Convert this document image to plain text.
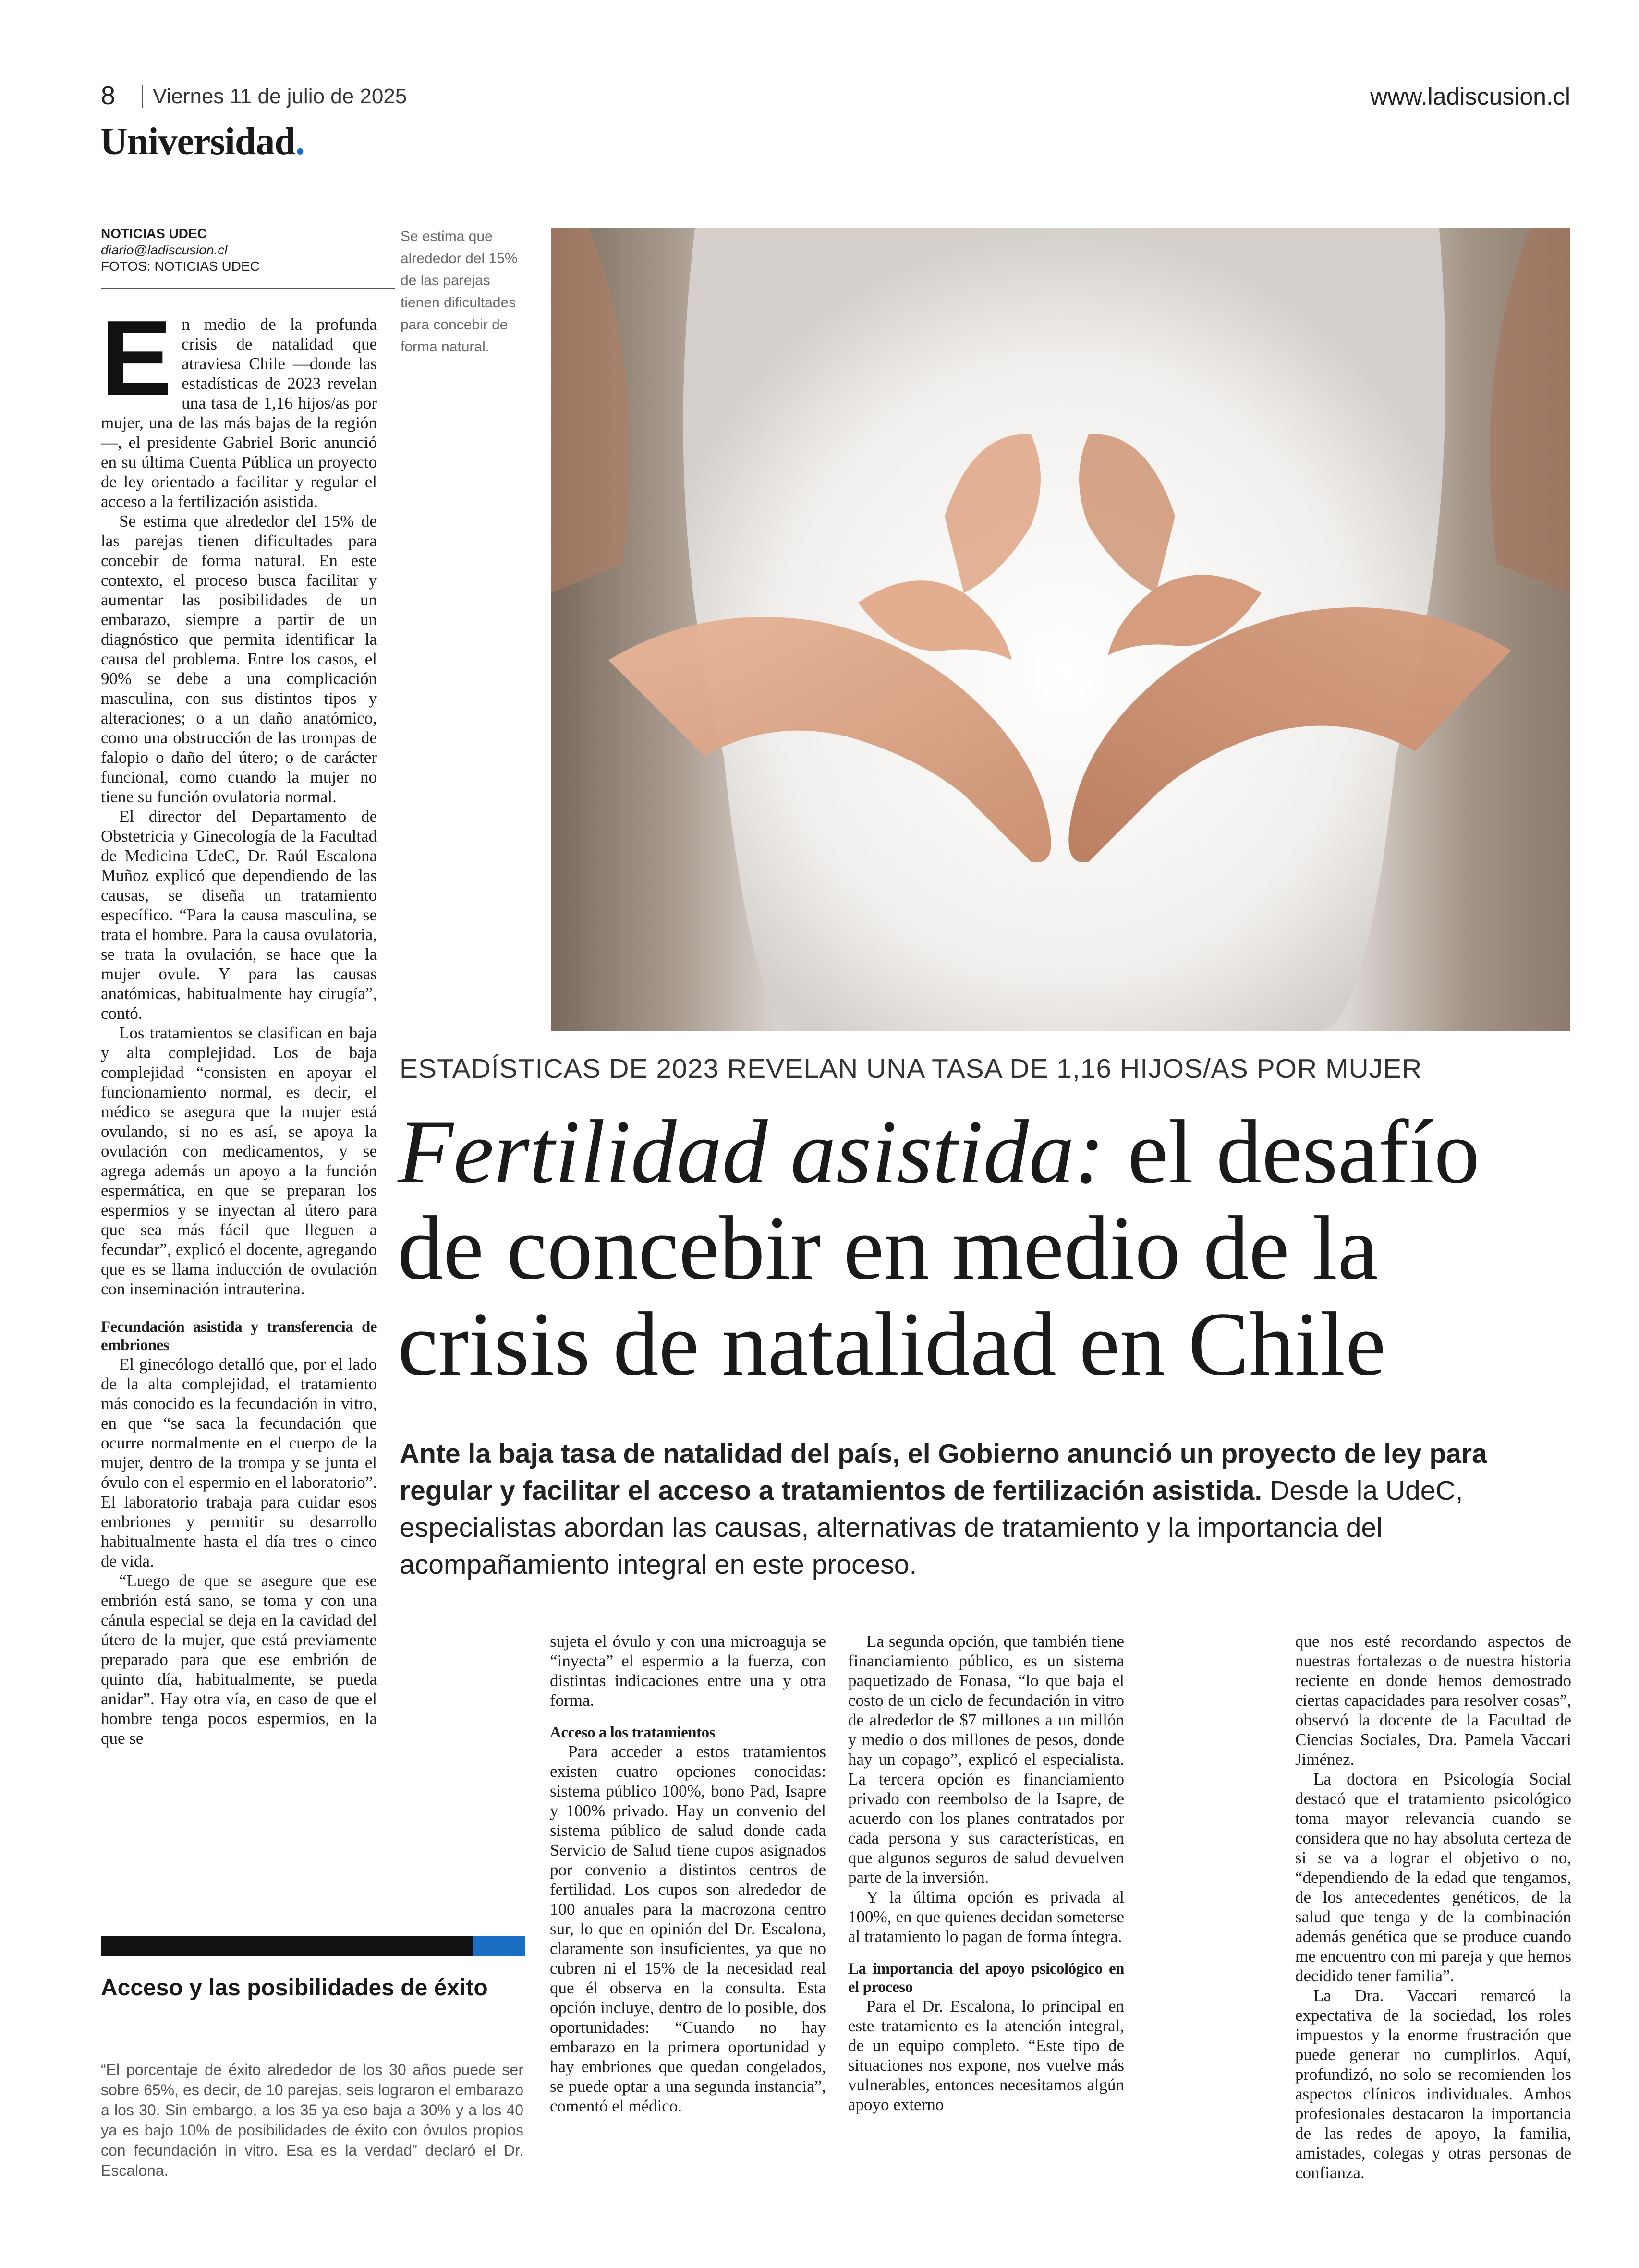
8 Viernes 11 de julio de 2025	www.ladiscusion.cl
Universidad.
NOTICIAS UDEC
diario@ladiscusion.cl
FOTOS: NOTICIAS UDEC
E n medio de la profunda crisis de natalidad que atraviesa Chile —donde las estadísticas de 2023 revelan una tasa de 1,16 hijos/as por mujer, una de las más bajas de la región—, el presidente Gabriel Boric anunció en su última Cuenta Pública un proyecto de ley orientado a facilitar y regular el acceso a la fertilización asistida.

Se estima que alrededor del 15% de las parejas tienen dificultades para concebir de forma natural. En este contexto, el proceso busca facilitar y aumentar las posibilidades de un embarazo, siempre a partir de un diagnóstico que permita identificar la causa del problema. Entre los casos, el 90% se debe a una complicación masculina, con sus distintos tipos y alteraciones; o a un daño anatómico, como una obstrucción de las trompas de falopio o daño del útero; o de carácter funcional, como cuando la mujer no tiene su función ovulatoria normal.

El director del Departamento de Obstetricia y Ginecología de la Facultad de Medicina UdeC, Dr. Raúl Escalona Muñoz explicó que dependiendo de las causas, se diseña un tratamiento específico. “Para la causa masculina, se trata el hombre. Para la causa ovulatoria, se trata la ovulación, se hace que la mujer ovule. Y para las causas anatómicas, habitualmente hay cirugía”, contó.

Los tratamientos se clasifican en baja y alta complejidad. Los de baja complejidad “consisten en apoyar el funcionamiento normal, es decir, el médico se asegura que la mujer está ovulando, si no es así, se apoya la ovulación con medicamentos, y se agrega además un apoyo a la función espermática, en que se preparan los espermios y se inyectan al útero para que sea más fácil que lleguen a fecundar”, explicó el docente, agregando que es se llama inducción de ovulación con inseminación intrauterina.

Fecundación asistida y transferencia de embriones

El ginecólogo detalló que, por el lado de la alta complejidad, el tratamiento más conocido es la fecundación in vitro, en que “se saca la fecundación que ocurre normalmente en el cuerpo de la mujer, dentro de la trompa y se junta el óvulo con el espermio en el laboratorio”. El laboratorio trabaja para cuidar esos embriones y permitir su desarrollo habitualmente hasta el día tres o cinco de vida.

“Luego de que se asegure que ese embrión está sano, se toma y con una cánula especial se deja en la cavidad del útero de la mujer, que está previamente preparado para que ese embrión de quinto día, habitualmente, se pueda anidar”. Hay otra vía, en caso de que el hombre tenga pocos espermios, en la que se

Se estima que alrededor del 15% de las parejas tienen dificultades para concebir de forma natural.
ESTADÍSTICAS DE 2023 REVELAN UNA TASA DE 1,16 HIJOS/AS POR MUJER
Fertilidad asistida: el desafío
de concebir en medio de la
crisis de natalidad en Chile
Ante la baja tasa de natalidad del país, el Gobierno anunció un proyecto de ley para regular y facilitar el acceso a tratamientos de fertilización asistida. Desde la UdeC, especialistas abordan las causas, alternativas de tratamiento y la importancia del acompañamiento integral en este proceso.

sujeta el óvulo y con una microaguja se “inyecta” el espermio a la fuerza, con distintas indicaciones entre una y otra forma.

Acceso a los tratamientos

Para acceder a estos tratamientos existen cuatro opciones conocidas: sistema público 100%, bono Pad, Isapre y 100% privado. Hay un convenio del sistema público de salud donde cada Servicio de Salud tiene cupos asignados por convenio a distintos centros de fertilidad. Los cupos son alrededor de 100 anuales para la macrozona centro sur, lo que en opinión del Dr. Escalona, claramente son insuficientes, ya que no cubren ni el 15% de la necesidad real que él observa en la consulta. Esta opción incluye, dentro de lo posible, dos oportunidades: “Cuando no hay embarazo en la primera oportunidad y hay embriones que quedan congelados, se puede optar a una segunda instancia”, comentó el médico.

La segunda opción, que también tiene financiamiento público, es un sistema paquetizado de Fonasa, “lo que baja el costo de un ciclo de fecundación in vitro de alrededor de $7 millones a un millón y medio o dos millones de pesos, donde hay un copago”, explicó el especialista. La tercera opción es financiamiento privado con reembolso de la Isapre, de acuerdo con los planes contratados por cada persona y sus características, en que algunos seguros de salud devuelven parte de la inversión.

Y la última opción es privada al 100%, en que quienes decidan someterse al tratamiento lo pagan de forma íntegra.

La importancia del apoyo psicológico en el proceso

Para el Dr. Escalona, lo principal en este tratamiento es la atención integral, de un equipo completo. “Este tipo de situaciones nos expone, nos vuelve más vulnerables, entonces necesitamos algún apoyo externo

que nos esté recordando aspectos de nuestras fortalezas o de nuestra historia reciente en donde hemos demostrado ciertas capacidades para resolver cosas”, observó la docente de la Facultad de Ciencias Sociales, Dra. Pamela Vaccari Jiménez.

La doctora en Psicología Social destacó que el tratamiento psicológico toma mayor relevancia cuando se considera que no hay absoluta certeza de si se va a lograr el objetivo o no, “dependiendo de la edad que tengamos, de los antecedentes genéticos, de la salud que tenga y de la combinación además genética que se produce cuando me encuentro con mi pareja y que hemos decidido tener familia”.

La Dra. Vaccari remarcó la expectativa de la sociedad, los roles impuestos y la enorme frustración que puede generar no cumplirlos. Aquí, profundizó, no solo se recomienden los aspectos clínicos individuales. Ambos profesionales destacaron la importancia de las redes de apoyo, la familia, amistades, colegas y otras personas de confianza.

Acceso y las posibilidades de éxito
“El porcentaje de éxito alrededor de los 30 años puede ser sobre 65%, es decir, de 10 parejas, seis lograron el embarazo a los 30. Sin embargo, a los 35 ya eso baja a 30% y a los 40 ya es bajo 10% de posibilidades de éxito con óvulos propios con fecundación in vitro. Esa es la verdad” declaró el Dr. Escalona.
